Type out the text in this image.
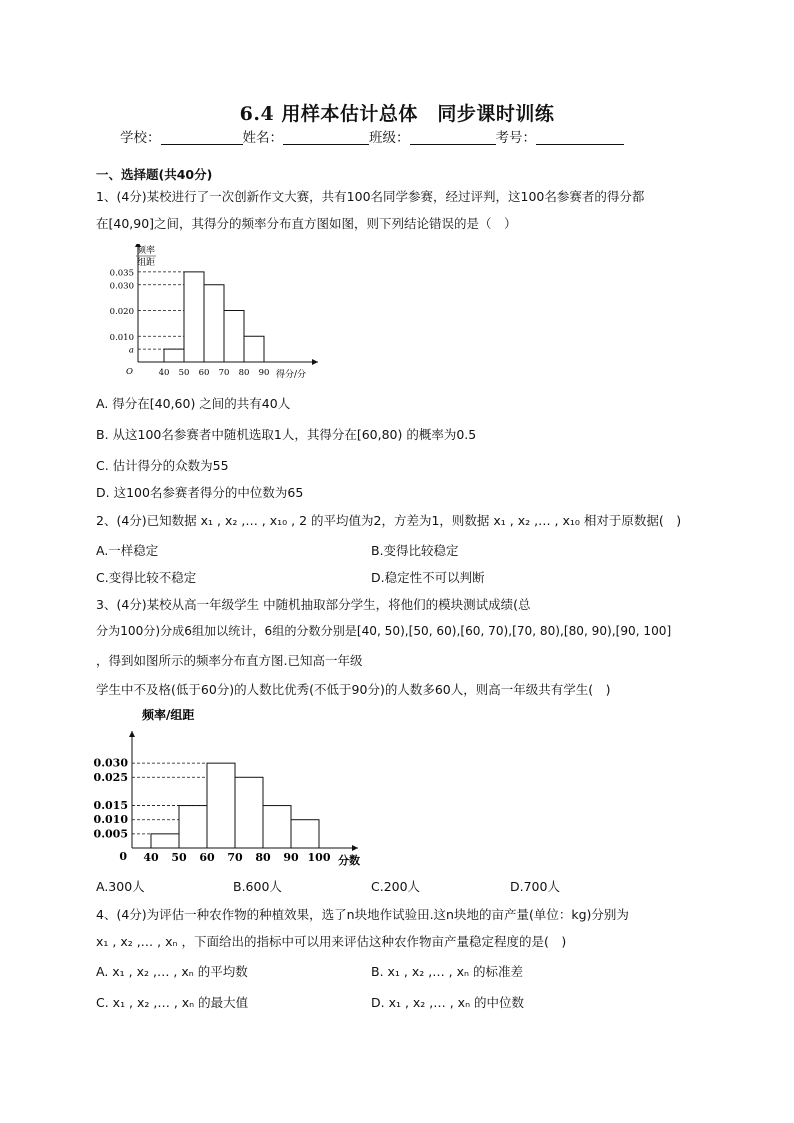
6.4 用样本估计总体　同步课时训练
学校：	姓名：	班级：	考号：
一、选择题(共40分)
1、(4分)某校进行了一次创新作文大赛，共有100名同学参赛，经过评判，这100名参赛者的得分都
在[40,90]之间，其得分的频率分布直方图如图，则下列结论错误的是（　）
a
0.010
0.020
0.030
0.035
40 50 60 70 80 90
O	得分/分
频率
组距
A. 得分在[40,60) 之间的共有40人
B. 从这100名参赛者中随机选取1人，其得分在[60,80) 的概率为0.5
C. 估计得分的众数为55
D. 这100名参赛者得分的中位数为65
2、(4分)已知数据 x₁ , x₂ ,… , x₁₀ , 2 的平均值为2，方差为1，则数据 x₁ , x₂ ,… , x₁₀ 相对于原数据(　)
A.一样稳定	B.变得比较稳定
C.变得比较不稳定	D.稳定性不可以判断
3、(4分)某校从高一年级学生 中随机抽取部分学生，将他们的模块测试成绩(总
分为100分)分成6组加以统计，6组的分数分别是[40, 50),[50, 60),[60, 70),[70, 80),[80, 90),[90, 100]
，得到如图所示的频率分布直方图.已知高一年级
学生中不及格(低于60分)的人数比优秀(不低于90分)的人数多60人，则高一年级共有学生(　)
0.005
0.010
0.015
0.025
0.030
40 50 60 70 80 90 100
0	分数
频率/组距
A.300人	B.600人	C.200人	D.700人
4、(4分)为评估一种农作物的种植效果，选了n块地作试验田.这n块地的亩产量(单位：kg)分别为
x₁ , x₂ ,… , xₙ ，下面给出的指标中可以用来评估这种农作物亩产量稳定程度的是(　)
A. x₁ , x₂ ,… , xₙ 的平均数	B. x₁ , x₂ ,… , xₙ 的标准差
C. x₁ , x₂ ,… , xₙ 的最大值	D. x₁ , x₂ ,… , xₙ 的中位数
